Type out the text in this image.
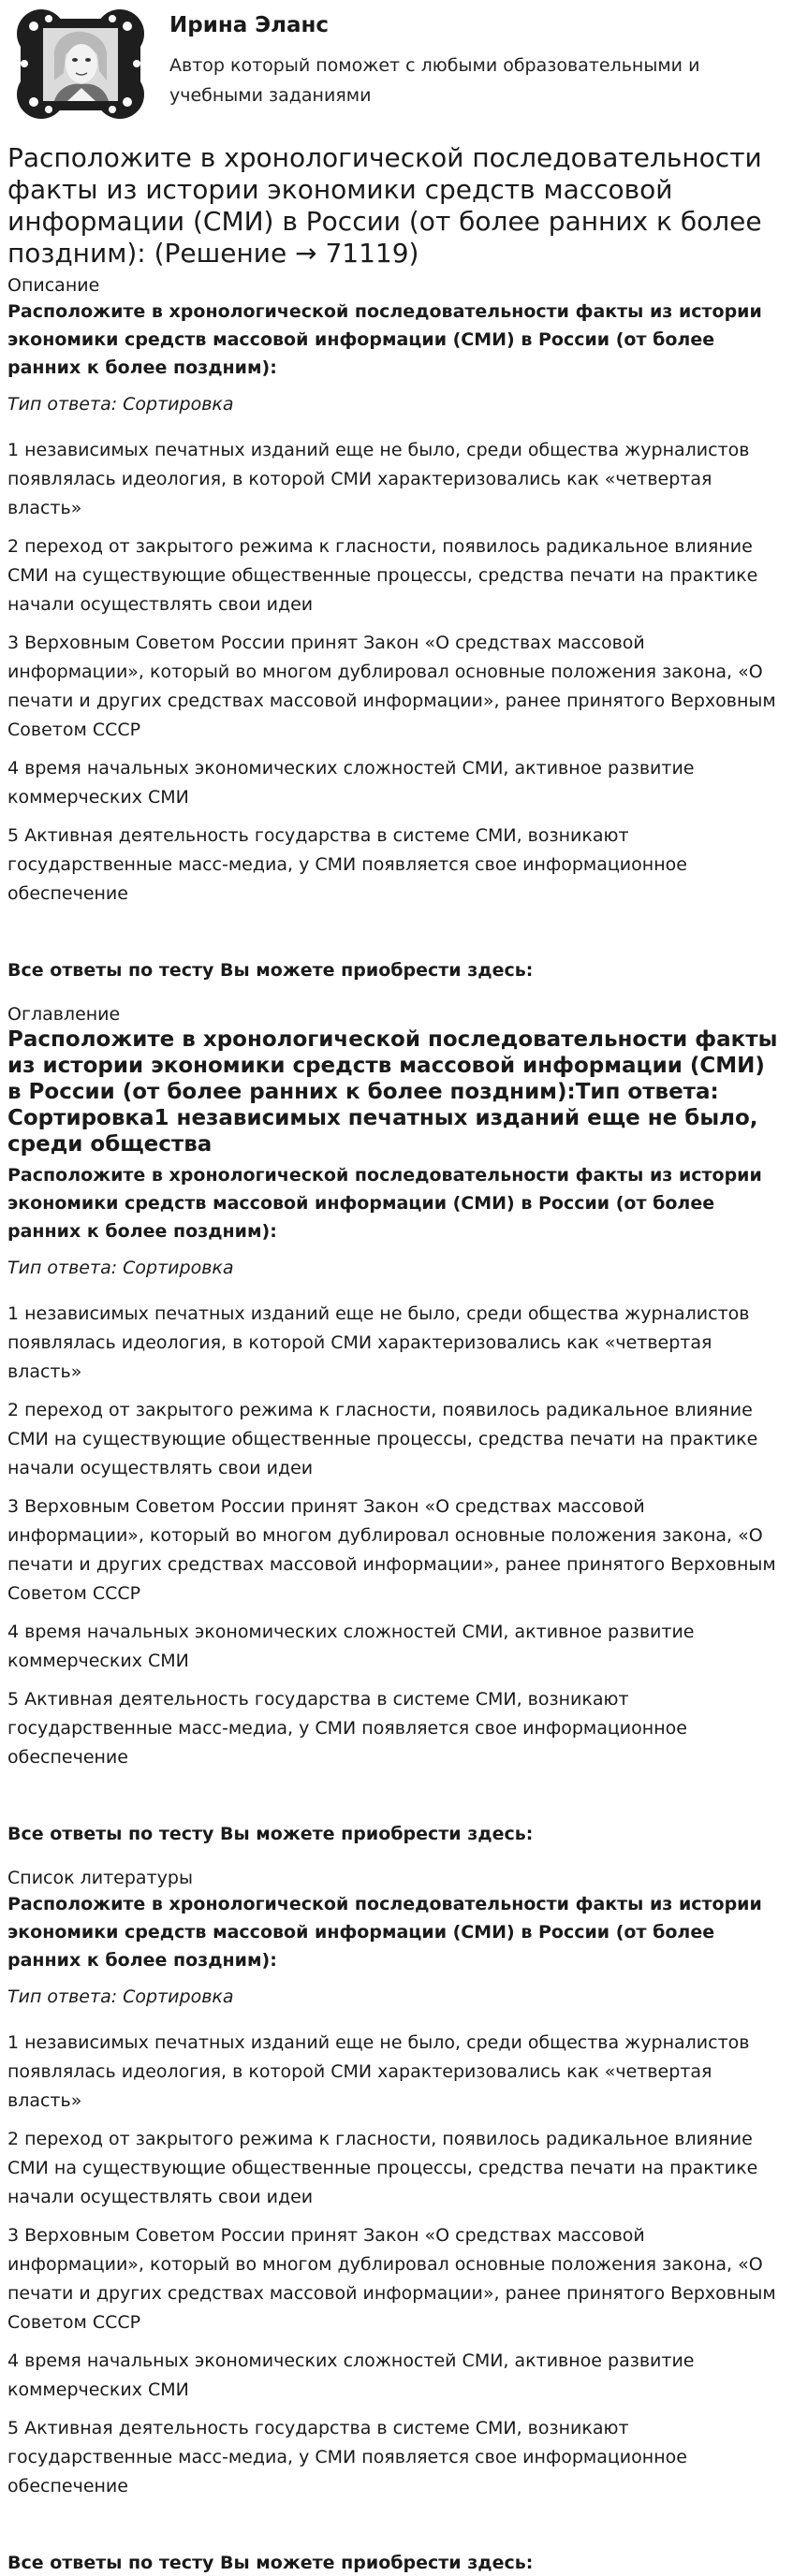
Ирина Эланс

Автор который поможет с любыми образовательными и учебными заданиями

Расположите в хронологической последовательности факты из истории экономики средств массовой информации (СМИ) в России (от более ранних к более поздним): (Решение → 71119)

Описание

Расположите в хронологической последовательности факты из истории экономики средств массовой информации (СМИ) в России (от более ранних к более поздним):

Тип ответа: Сортировка

1 независимых печатных изданий еще не было, среди общества журналистов появлялась идеология, в которой СМИ характеризовались как «четвертая власть»

2 переход от закрытого режима к гласности, появилось радикальное влияние СМИ на существующие общественные процессы, средства печати на практике начали осуществлять свои идеи

3 Верховным Советом России принят Закон «О средствах массовой информации», который во многом дублировал основные положения закона, «О печати и других средствах массовой информации», ранее принятого Верховным Советом СССР

4 время начальных экономических сложностей СМИ, активное развитие коммерческих СМИ

5 Активная деятельность государства в системе СМИ, возникают государственные масс-медиа, у СМИ появляется свое информационное обеспечение

Все ответы по тесту Вы можете приобрести здесь:

Оглавление

Расположите в хронологической последовательности факты из истории экономики средств массовой информации (СМИ) в России (от более ранних к более поздним):Тип ответа: Сортировка1 независимых печатных изданий еще не было, среди общества

Расположите в хронологической последовательности факты из истории экономики средств массовой информации (СМИ) в России (от более ранних к более поздним):

Тип ответа: Сортировка

1 независимых печатных изданий еще не было, среди общества журналистов появлялась идеология, в которой СМИ характеризовались как «четвертая власть»

2 переход от закрытого режима к гласности, появилось радикальное влияние СМИ на существующие общественные процессы, средства печати на практике начали осуществлять свои идеи

3 Верховным Советом России принят Закон «О средствах массовой информации», который во многом дублировал основные положения закона, «О печати и других средствах массовой информации», ранее принятого Верховным Советом СССР

4 время начальных экономических сложностей СМИ, активное развитие коммерческих СМИ

5 Активная деятельность государства в системе СМИ, возникают государственные масс-медиа, у СМИ появляется свое информационное обеспечение

Все ответы по тесту Вы можете приобрести здесь:

Список литературы

Расположите в хронологической последовательности факты из истории экономики средств массовой информации (СМИ) в России (от более ранних к более поздним):

Тип ответа: Сортировка

1 независимых печатных изданий еще не было, среди общества журналистов появлялась идеология, в которой СМИ характеризовались как «четвертая власть»

2 переход от закрытого режима к гласности, появилось радикальное влияние СМИ на существующие общественные процессы, средства печати на практике начали осуществлять свои идеи

3 Верховным Советом России принят Закон «О средствах массовой информации», который во многом дублировал основные положения закона, «О печати и других средствах массовой информации», ранее принятого Верховным Советом СССР

4 время начальных экономических сложностей СМИ, активное развитие коммерческих СМИ

5 Активная деятельность государства в системе СМИ, возникают государственные масс-медиа, у СМИ появляется свое информационное обеспечение

Все ответы по тесту Вы можете приобрести здесь:
